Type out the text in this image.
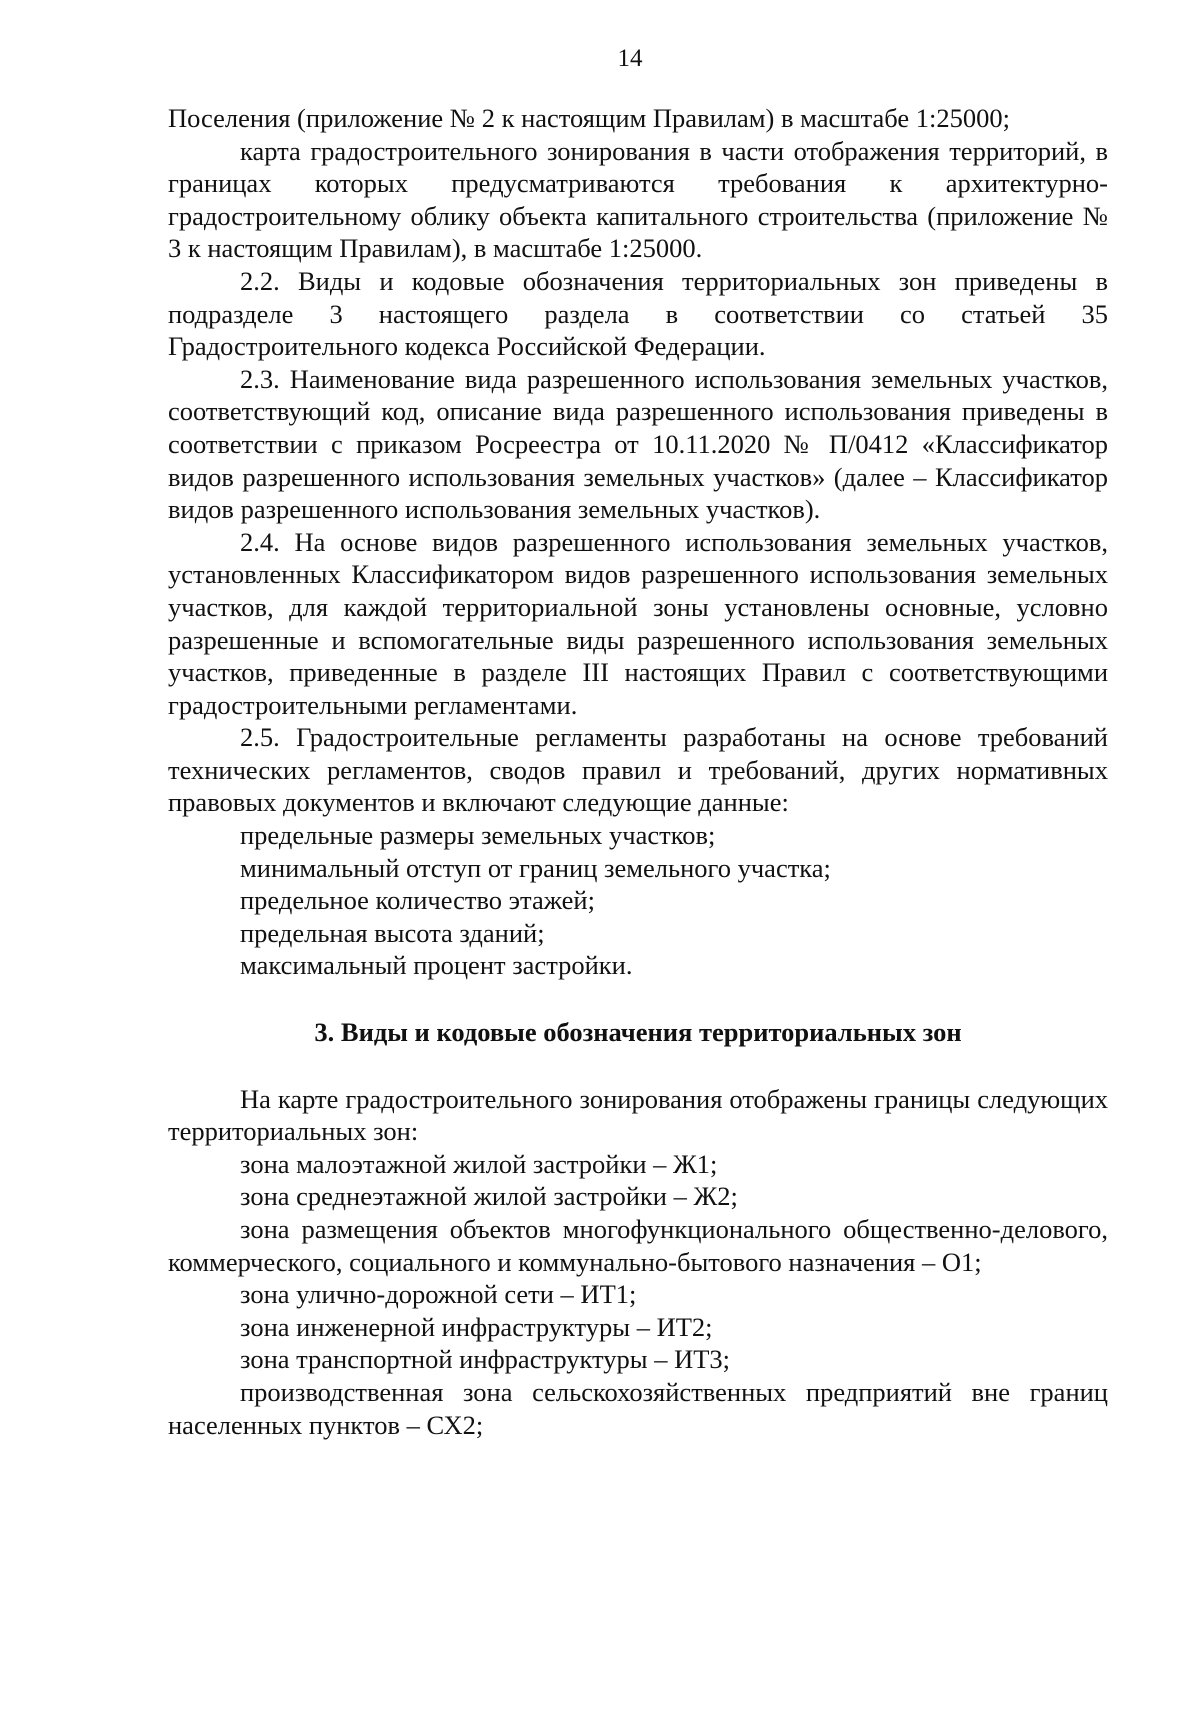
14

Поселения (приложение № 2 к настоящим Правилам) в масштабе 1:25000;

карта градостроительного зонирования в части отображения территорий, в границах которых предусматриваются требования к архитектурно-градостроительному облику объекта капитального строительства (приложение № 3 к настоящим Правилам), в масштабе 1:25000.

2.2. Виды и кодовые обозначения территориальных зон приведены в подразделе 3 настоящего раздела в соответствии со статьей 35 Градостроительного кодекса Российской Федерации.

2.3. Наименование вида разрешенного использования земельных участков, соответствующий код, описание вида разрешенного использования приведены в соответствии с приказом Росреестра от 10.11.2020 № П/0412 «Классификатор видов разрешенного использования земельных участков» (далее – Классификатор видов разрешенного использования земельных участков).

2.4. На основе видов разрешенного использования земельных участков, установленных Классификатором видов разрешенного использования земельных участков, для каждой территориальной зоны установлены основные, условно разрешенные и вспомогательные виды разрешенного использования земельных участков, приведенные в разделе III настоящих Правил с соответствующими градостроительными регламентами.

2.5. Градостроительные регламенты разработаны на основе требований технических регламентов, сводов правил и требований, других нормативных правовых документов и включают следующие данные:

предельные размеры земельных участков;

минимальный отступ от границ земельного участка;

предельное количество этажей;

предельная высота зданий;

максимальный процент застройки.

3. Виды и кодовые обозначения территориальных зон

На карте градостроительного зонирования отображены границы следующих территориальных зон:

зона малоэтажной жилой застройки – Ж1;

зона среднеэтажной жилой застройки – Ж2;

зона размещения объектов многофункционального общественно-делового, коммерческого, социального и коммунально-бытового назначения – О1;

зона улично-дорожной сети – ИТ1;

зона инженерной инфраструктуры – ИТ2;

зона транспортной инфраструктуры – ИТ3;

производственная зона сельскохозяйственных предприятий вне границ населенных пунктов – СХ2;
